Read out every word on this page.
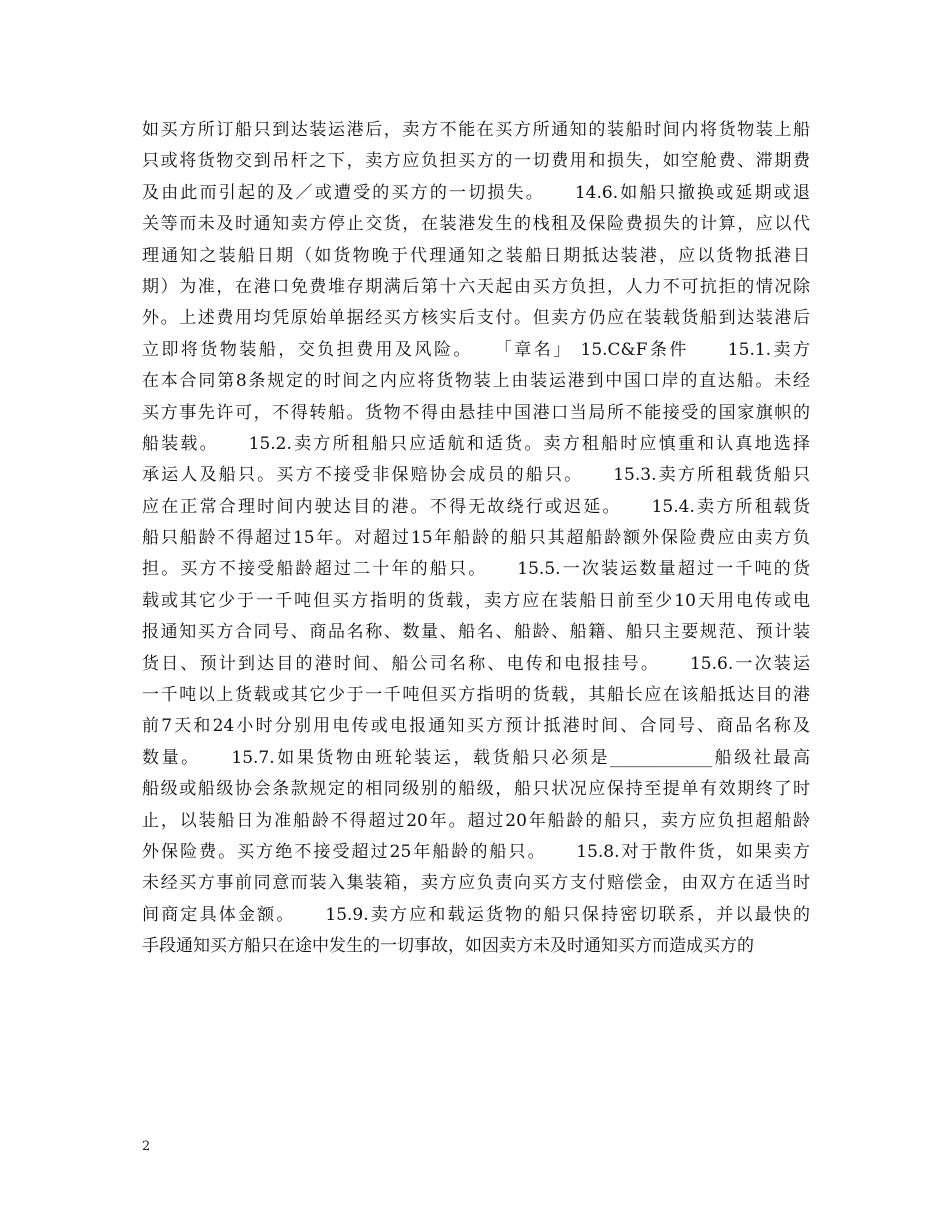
如买方所订船只到达装运港后，卖方不能在买方所通知的装船时间内将货物装上船
只或将货物交到吊杆之下，卖方应负担买方的一切费用和损失，如空舱费、滞期费
及由此而引起的及／或遭受的买方的一切损失。　　14.6.如船只撤换或延期或退
关等而未及时通知卖方停止交货，在装港发生的栈租及保险费损失的计算，应以代
理通知之装船日期（如货物晚于代理通知之装船日期抵达装港，应以货物抵港日
期）为准，在港口免费堆存期满后第十六天起由买方负担，人力不可抗拒的情况除
外。上述费用均凭原始单据经买方核实后支付。但卖方仍应在装载货船到达装港后
立即将货物装船，交负担费用及风险。　　「章名」 15.C&F条件　　15.1.卖方
在本合同第8条规定的时间之内应将货物装上由装运港到中国口岸的直达船。未经
买方事先许可，不得转船。货物不得由悬挂中国港口当局所不能接受的国家旗帜的
船装载。　　15.2.卖方所租船只应适航和适货。卖方租船时应慎重和认真地选择
承运人及船只。买方不接受非保赔协会成员的船只。　　15.3.卖方所租载货船只
应在正常合理时间内驶达目的港。不得无故绕行或迟延。　　15.4.卖方所租载货
船只船龄不得超过15年。对超过15年船龄的船只其超船龄额外保险费应由卖方负
担。买方不接受船龄超过二十年的船只。　　15.5.一次装运数量超过一千吨的货
载或其它少于一千吨但买方指明的货载，卖方应在装船日前至少10天用电传或电
报通知买方合同号、商品名称、数量、船名、船龄、船籍、船只主要规范、预计装
货日、预计到达目的港时间、船公司名称、电传和电报挂号。　　15.6.一次装运
一千吨以上货载或其它少于一千吨但买方指明的货载，其船长应在该船抵达目的港
前7天和24小时分别用电传或电报通知买方预计抵港时间、合同号、商品名称及
数量。　　15.7.如果货物由班轮装运，载货船只必须是____________船级社最高
船级或船级协会条款规定的相同级别的船级，船只状况应保持至提单有效期终了时
止，以装船日为准船龄不得超过20年。超过20年船龄的船只，卖方应负担超船龄
外保险费。买方绝不接受超过25年船龄的船只。　　15.8.对于散件货，如果卖方
未经买方事前同意而装入集装箱，卖方应负责向买方支付赔偿金，由双方在适当时
间商定具体金额。　　15.9.卖方应和载运货物的船只保持密切联系，并以最快的
手段通知买方船只在途中发生的一切事故，如因卖方未及时通知买方而造成买方的
2
